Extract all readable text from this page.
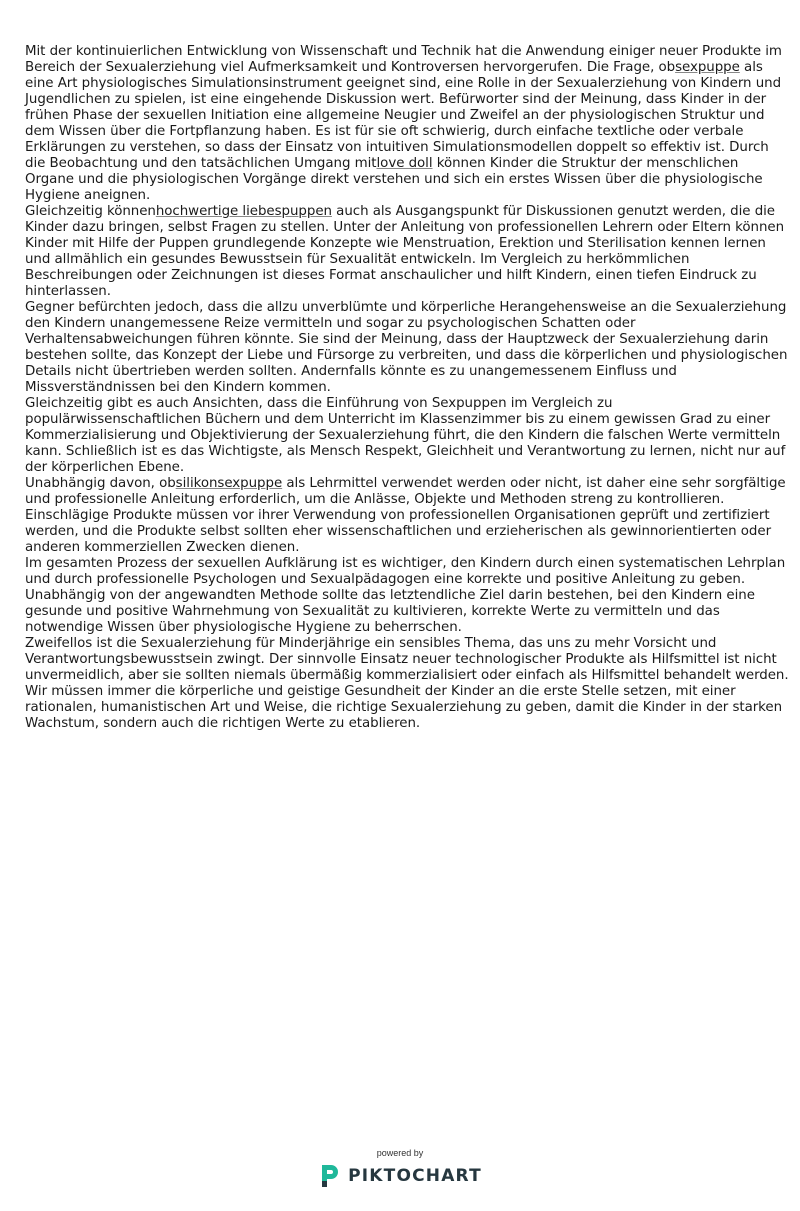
Mit der kontinuierlichen Entwicklung von Wissenschaft und Technik hat die Anwendung einiger neuer Produkte im Bereich der Sexualerziehung viel Aufmerksamkeit und Kontroversen hervorgerufen. Die Frage, obsexpuppe als eine Art physiologisches Simulationsinstrument geeignet sind, eine Rolle in der Sexualerziehung von Kindern und Jugendlichen zu spielen, ist eine eingehende Diskussion wert. Befürworter sind der Meinung, dass Kinder in der frühen Phase der sexuellen Initiation eine allgemeine Neugier und Zweifel an der physiologischen Struktur und dem Wissen über die Fortpflanzung haben. Es ist für sie oft schwierig, durch einfache textliche oder verbale Erklärungen zu verstehen, so dass der Einsatz von intuitiven Simulationsmodellen doppelt so effektiv ist. Durch die Beobachtung und den tatsächlichen Umgang mitlove doll können Kinder die Struktur der menschlichen Organe und die physiologischen Vorgänge direkt verstehen und sich ein erstes Wissen über die physiologische Hygiene aneignen.

Gleichzeitig könnenhochwertige liebespuppen auch als Ausgangspunkt für Diskussionen genutzt werden, die die Kinder dazu bringen, selbst Fragen zu stellen. Unter der Anleitung von professionellen Lehrern oder Eltern können Kinder mit Hilfe der Puppen grundlegende Konzepte wie Menstruation, Erektion und Sterilisation kennen lernen und allmählich ein gesundes Bewusstsein für Sexualität entwickeln. Im Vergleich zu herkömmlichen Beschreibungen oder Zeichnungen ist dieses Format anschaulicher und hilft Kindern, einen tiefen Eindruck zu hinterlassen.

Gegner befürchten jedoch, dass die allzu unverblümte und körperliche Herangehensweise an die Sexualerziehung den Kindern unangemessene Reize vermitteln und sogar zu psychologischen Schatten oder Verhaltensabweichungen führen könnte. Sie sind der Meinung, dass der Hauptzweck der Sexualerziehung darin bestehen sollte, das Konzept der Liebe und Fürsorge zu verbreiten, und dass die körperlichen und physiologischen Details nicht übertrieben werden sollten. Andernfalls könnte es zu unangemessenem Einfluss und Missverständnissen bei den Kindern kommen.

Gleichzeitig gibt es auch Ansichten, dass die Einführung von Sexpuppen im Vergleich zu populärwissenschaftlichen Büchern und dem Unterricht im Klassenzimmer bis zu einem gewissen Grad zu einer Kommerzialisierung und Objektivierung der Sexualerziehung führt, die den Kindern die falschen Werte vermitteln kann. Schließlich ist es das Wichtigste, als Mensch Respekt, Gleichheit und Verantwortung zu lernen, nicht nur auf der körperlichen Ebene.

Unabhängig davon, obsilikonsexpuppe als Lehrmittel verwendet werden oder nicht, ist daher eine sehr sorgfältige und professionelle Anleitung erforderlich, um die Anlässe, Objekte und Methoden streng zu kontrollieren. Einschlägige Produkte müssen vor ihrer Verwendung von professionellen Organisationen geprüft und zertifiziert werden, und die Produkte selbst sollten eher wissenschaftlichen und erzieherischen als gewinnorientierten oder anderen kommerziellen Zwecken dienen.

Im gesamten Prozess der sexuellen Aufklärung ist es wichtiger, den Kindern durch einen systematischen Lehrplan und durch professionelle Psychologen und Sexualpädagogen eine korrekte und positive Anleitung zu geben. Unabhängig von der angewandten Methode sollte das letztendliche Ziel darin bestehen, bei den Kindern eine gesunde und positive Wahrnehmung von Sexualität zu kultivieren, korrekte Werte zu vermitteln und das notwendige Wissen über physiologische Hygiene zu beherrschen.

Zweifellos ist die Sexualerziehung für Minderjährige ein sensibles Thema, das uns zu mehr Vorsicht und Verantwortungsbewusstsein zwingt. Der sinnvolle Einsatz neuer technologischer Produkte als Hilfsmittel ist nicht unvermeidlich, aber sie sollten niemals übermäßig kommerzialisiert oder einfach als Hilfsmittel behandelt werden. Wir müssen immer die körperliche und geistige Gesundheit der Kinder an die erste Stelle setzen, mit einer rationalen, humanistischen Art und Weise, die richtige Sexualerziehung zu geben, damit die Kinder in der starken Wachstum, sondern auch die richtigen Werte zu etablieren.

powered by
PIKTOCHART
